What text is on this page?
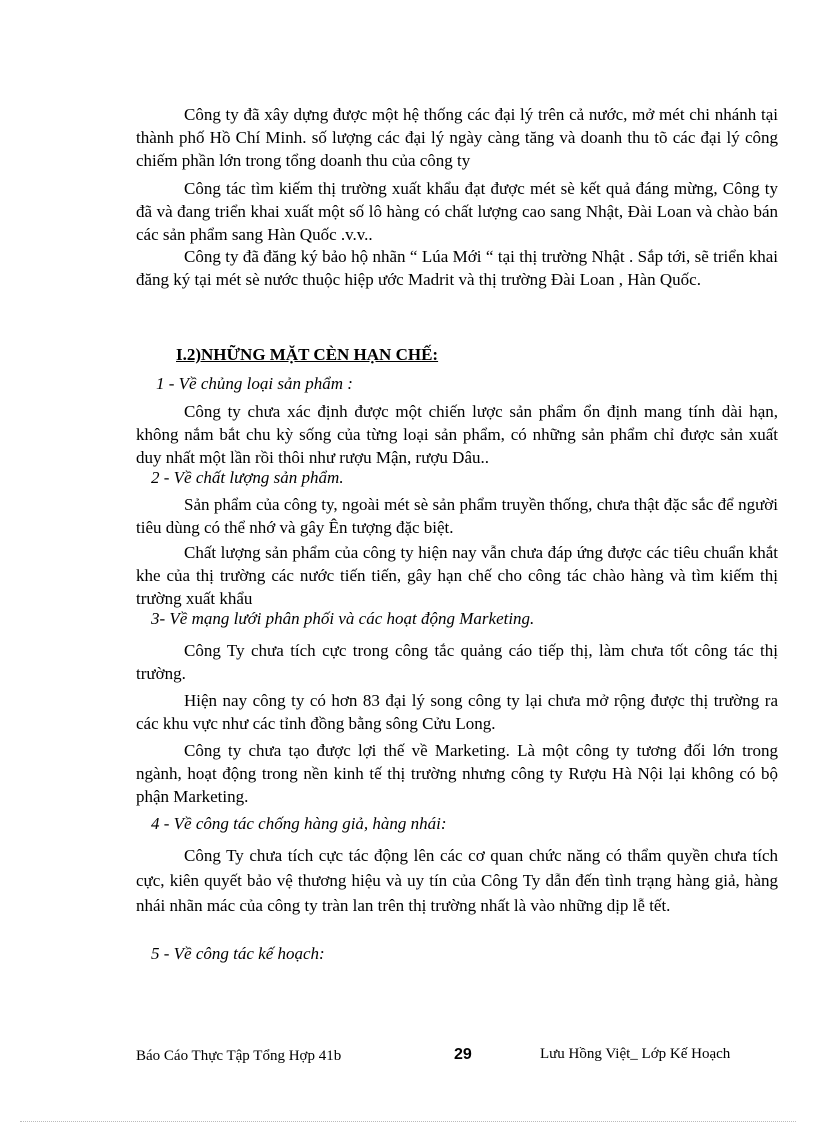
Công ty đã xây dựng được một hệ thống các đại lý trên cả nước, mở mét chi nhánh tại thành phố Hồ Chí Minh. số lượng các đại lý ngày càng tăng và doanh thu tõ các đại lý công chiếm phần lớn trong tổng doanh thu của công ty

Công tác tìm kiếm thị trường xuất khẩu đạt được mét sè kết quả đáng mừng, Công ty đã và đang triển khai xuất một số lô hàng có chất lượng cao sang Nhật, Đài Loan và chào bán các sản phẩm sang Hàn Quốc .v.v..

Công ty đã đăng ký bảo hộ nhãn “ Lúa Mới “ tại thị trường Nhật . Sắp tới, sẽ triển khai đăng ký tại mét sè nước thuộc hiệp ước Madrit và thị trường Đài Loan , Hàn Quốc.

I.2)NHỮNG MẶT CÈN HẠN CHẾ:

1 - Về chủng loại sản phẩm :

Công ty chưa xác định được một chiến lược sản phẩm ổn định mang tính dài hạn, không nắm bắt chu kỳ sống của từng loại sản phẩm, có những sản phẩm chỉ được sản xuất duy nhất một lần rồi thôi như rượu Mận, rượu Dâu..

2 - Về chất lượng sản phẩm.

Sản phẩm của công ty, ngoài mét sè sản phẩm truyền thống, chưa thật đặc sắc để người tiêu dùng có thể nhớ và gây Ên tượng đặc biệt.

Chất lượng sản phẩm của công ty hiện nay vẫn chưa đáp ứng được các tiêu chuẩn khắt khe của thị trường các nước tiến tiến, gây hạn chế cho công tác chào hàng và tìm kiếm thị trường xuất khẩu

3- Về mạng lưới phân phối và các hoạt động Marketing.

Công Ty chưa tích cực trong công tắc quảng cáo tiếp thị, làm chưa tốt công tác thị trường.

Hiện nay công ty có hơn 83 đại lý song công ty lại chưa mở rộng được thị trường ra các khu vực như các tỉnh đồng bằng sông Cửu Long.

Công ty chưa tạo được lợi thế về Marketing. Là một công ty tương đối lớn trong ngành, hoạt động trong nền kinh tế thị trường nhưng công ty Rượu Hà Nội lại không có bộ phận Marketing.

4 - Về công tác chống hàng giả, hàng nhái:

Công Ty chưa tích cực tác động lên các cơ quan chức năng có thẩm quyền chưa tích cực, kiên quyết bảo vệ thương hiệu và uy tín của Công Ty dẫn đến tình trạng hàng giả, hàng nhái nhãn mác của công ty tràn lan trên thị trường nhất là vào những dịp lễ tết.

5 - Về công tác kế hoạch:

Báo Cáo Thực Tập Tổng Hợp 41b	29	Lưu Hồng Việt_ Lớp Kế Hoạch
